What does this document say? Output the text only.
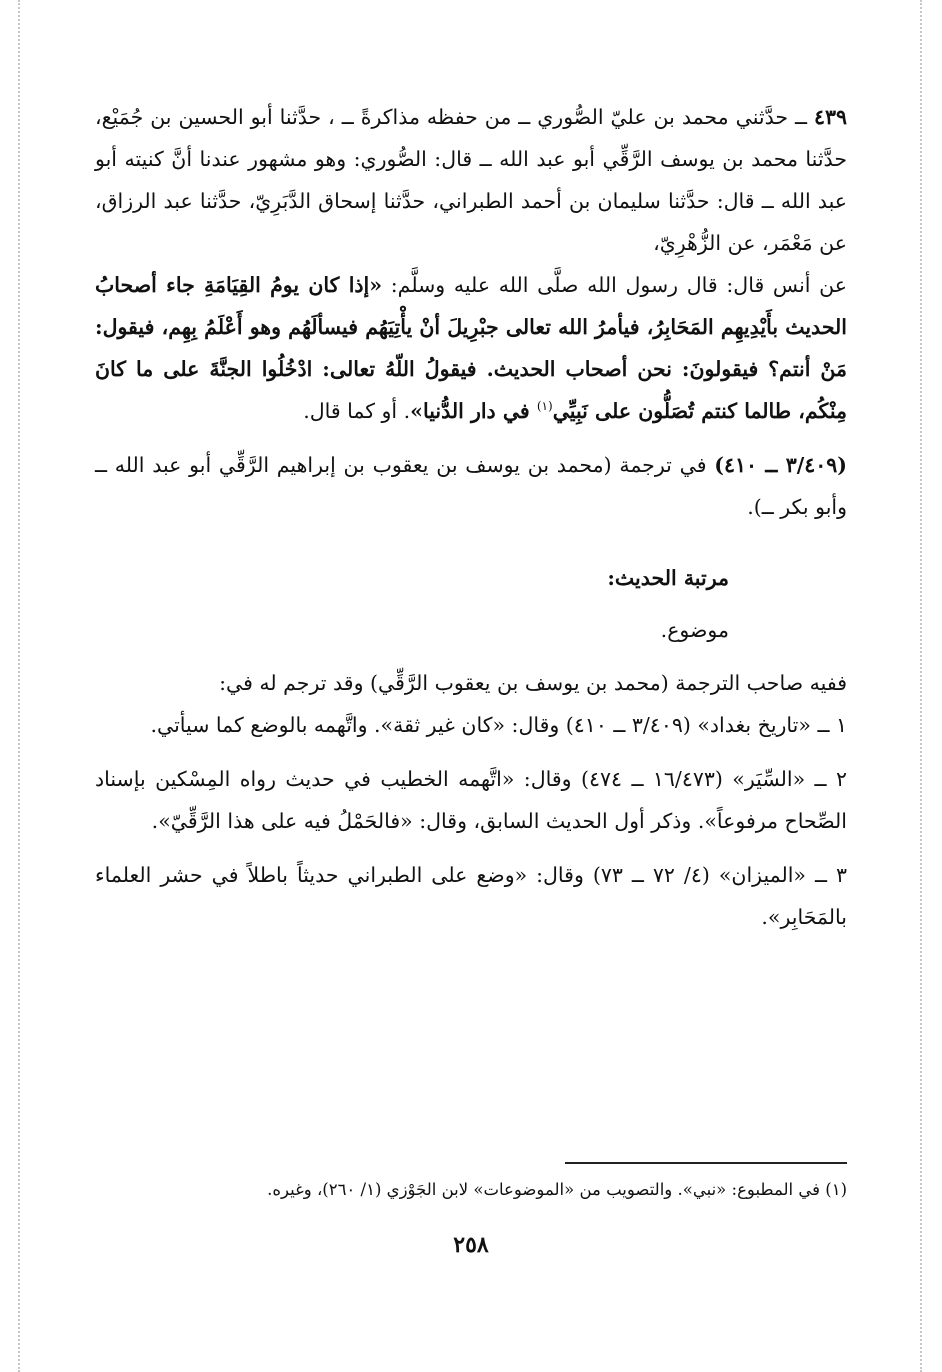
٤٣٩ ــ حدَّثني محمد بن عليّ الصُّوري ــ من حفظه مذاكرةً ــ ، حدَّثنا أبو الحسين بن جُمَيْع، حدَّثنا محمد بن يوسف الرَّقِّي أبو عبد الله ــ قال: الصُّوري: وهو مشهور عندنا أنَّ كنيته أبو عبد الله ــ قال: حدَّثنا سليمان بن أحمد الطبراني، حدَّثنا إسحاق الدَّبَرِيّ، حدَّثنا عبد الرزاق، عن مَعْمَر، عن الزُّهْرِيّ،

عن أنس قال: قال رسول الله صلَّى الله عليه وسلَّم: «إذا كان يومُ القِيَامَةِ جاء أصحابُ الحديث بأَيْدِيهِم المَحَابِرُ، فيأمرُ الله تعالى جبْرِيلَ أنْ يأْتِيَهُم فيسألَهُم وهو أَعْلَمُ بِهِم، فيقول: مَنْ أنتم؟ فيقولونَ: نحن أصحاب الحديث. فيقولُ اللّهُ تعالى: ادْخُلُوا الجنَّةَ على ما كانَ مِنْكُم، طالما كنتم تُصَلُّون على نَبِيِّي$^{(١)}$ في دار الدُّنيا». أو كما قال.

(٣/٤٠٩ ــ ٤١٠) في ترجمة (محمد بن يوسف بن يعقوب بن إبراهيم الرَّقِّي أبو عبد الله ــ وأبو بكر ــ).

مرتبة الحديث:

موضوع.

ففيه صاحب الترجمة (محمد بن يوسف بن يعقوب الرَّقِّي) وقد ترجم له في:

١ ــ «تاريخ بغداد» (٣/٤٠٩ ــ ٤١٠) وقال: «كان غير ثقة». واتَّهمه بالوضع كما سيأتي.

٢ ــ «السِّيَر» (١٦/٤٧٣ ــ ٤٧٤) وقال: «اتَّهمه الخطيب في حديث رواه المِسْكين بإسناد الصِّحاح مرفوعاً». وذكر أول الحديث السابق، وقال: «فالحَمْلُ فيه على هذا الرَّقِّيّ».

٣ ــ «الميزان» (٤/ ٧٢ ــ ٧٣) وقال: «وضع على الطبراني حديثاً باطلاً في حشر العلماء بالمَحَابِر».

(١) في المطبوع: «نبي». والتصويب من «الموضوعات» لابن الجَوْزي (١/ ٢٦٠)، وغيره.
٢٥٨
